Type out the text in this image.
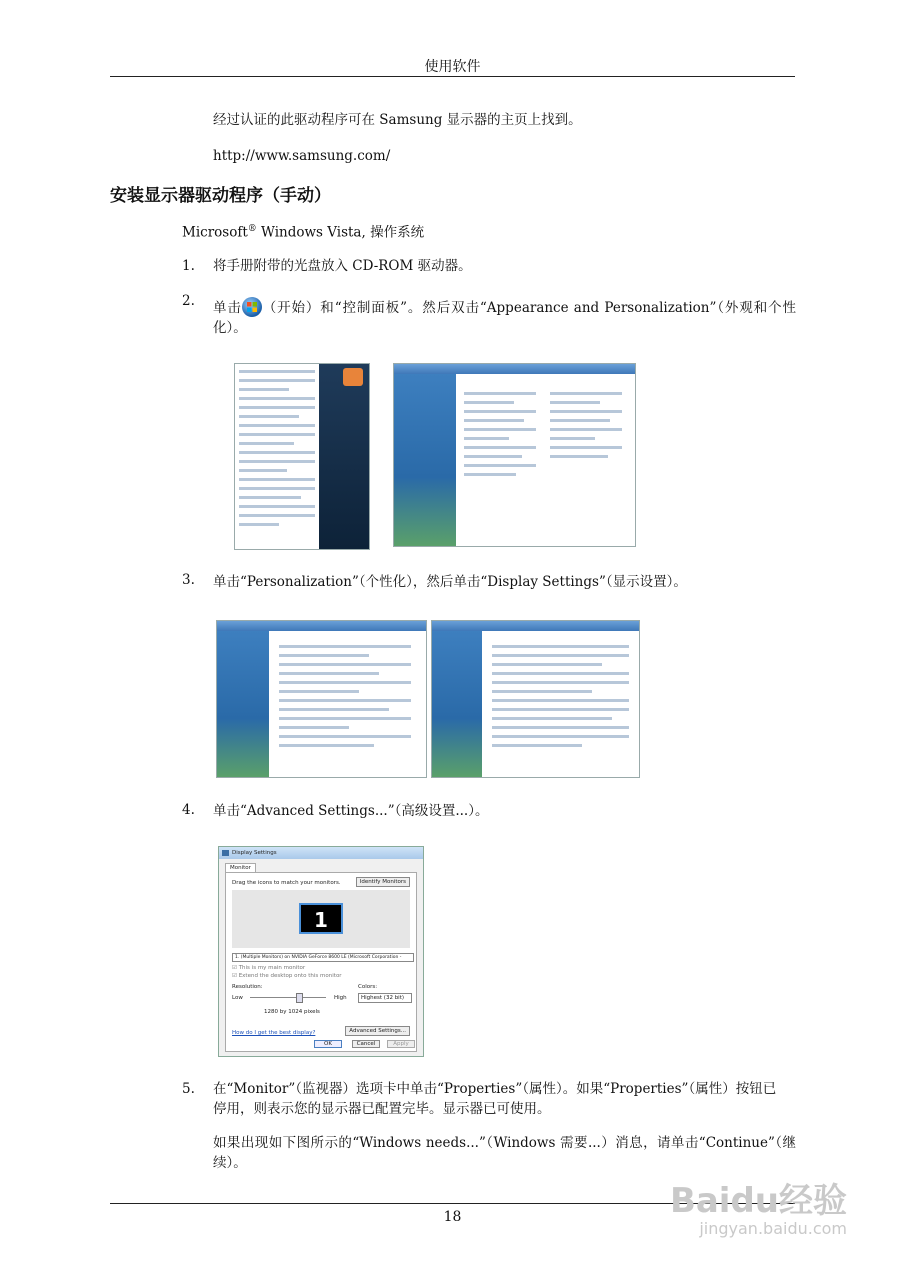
使用软件
经过认证的此驱动程序可在 Samsung 显示器的主页上找到。
http://www.samsung.com/
安装显示器驱动程序（手动）
Microsoft® Windows Vista, 操作系统
1. 将手册附带的光盘放入 CD-ROM 驱动器。
2. 单击 （开始）和“控制面板”。然后双击“Appearance and Personalization”（外观和个性化）。
3. 单击“Personalization”（个性化），然后单击“Display Settings”（显示设置）。
4. 单击“Advanced Settings...”（高级设置...）。
Display Settings
Monitor
Drag the icons to match your monitors.	Identify Monitors
1
1. (Multiple Monitors) on NVIDIA GeForce 8600 LE (Microsoft Corporation -
☑ This is my main monitor
☑ Extend the desktop onto this monitor
Resolution:
Low	High
1280 by 1024 pixels
Colors:
Highest (32 bit)
How do I get the best display?	Advanced Settings...
OK	Cancel	Apply
5. 在“Monitor”（监视器）选项卡中单击“Properties”（属性）。如果“Properties”（属性）按钮已停用，则表示您的显示器已配置完毕。显示器已可使用。
如果出现如下图所示的“Windows needs...”（Windows 需要...）消息，请单击“Continue”（继续）。
18	Baidu经验
jingyan.baidu.com
